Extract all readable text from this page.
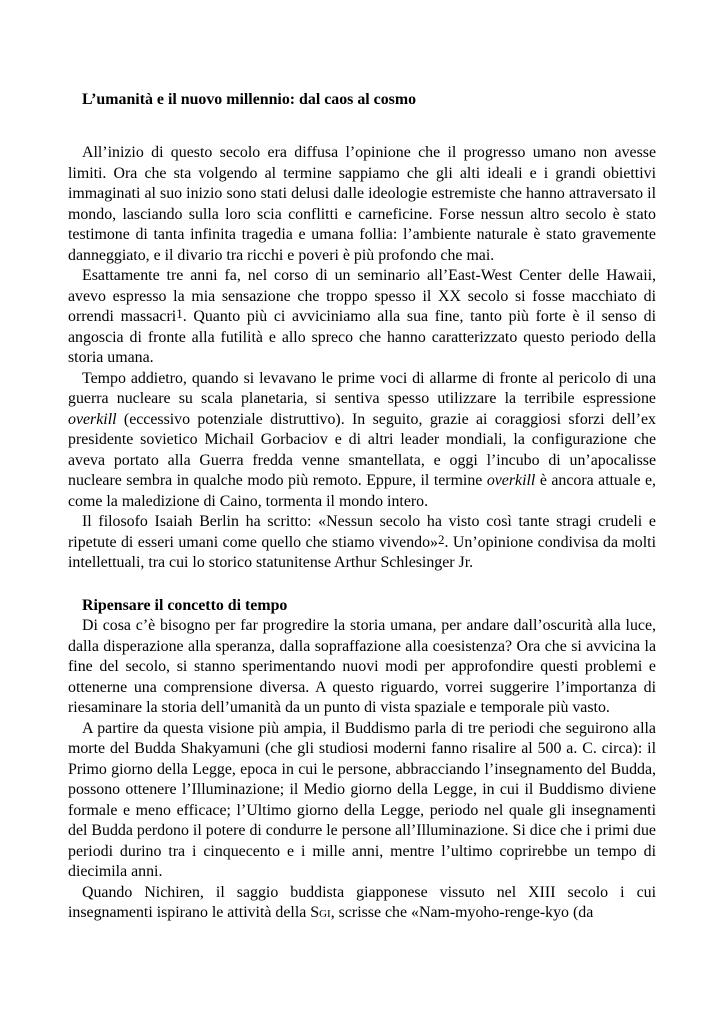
L’umanità e il nuovo millennio: dal caos al cosmo

All’inizio di questo secolo era diffusa l’opinione che il progresso umano non avesse limiti. Ora che sta volgendo al termine sappiamo che gli alti ideali e i grandi obiettivi immaginati al suo inizio sono stati delusi dalle ideologie estremiste che hanno attraversato il mondo, lasciando sulla loro scia conflitti e carneficine. Forse nessun altro secolo è stato testimone di tanta infinita tragedia e umana follia: l’ambiente naturale è stato gravemente danneggiato, e il divario tra ricchi e poveri è più profondo che mai.

Esattamente tre anni fa, nel corso di un seminario all’East-West Center delle Hawaii, avevo espresso la mia sensazione che troppo spesso il XX secolo si fosse macchiato di orrendi massacri$^1$. Quanto più ci avviciniamo alla sua fine, tanto più forte è il senso di angoscia di fronte alla futilità e allo spreco che hanno caratterizzato questo periodo della storia umana.

Tempo addietro, quando si levavano le prime voci di allarme di fronte al pericolo di una guerra nucleare su scala planetaria, si sentiva spesso utilizzare la terribile espressione overkill (eccessivo potenziale distruttivo). In seguito, grazie ai coraggiosi sforzi dell’ex presidente sovietico Michail Gorbaciov e di altri leader mondiali, la configurazione che aveva portato alla Guerra fredda venne smantellata, e oggi l’incubo di un’apocalisse nucleare sembra in qualche modo più remoto. Eppure, il termine overkill è ancora attuale e, come la maledizione di Caino, tormenta il mondo intero.

Il filosofo Isaiah Berlin ha scritto: «Nessun secolo ha visto così tante stragi crudeli e ripetute di esseri umani come quello che stiamo vivendo»$^2$. Un’opinione condivisa da molti intellettuali, tra cui lo storico statunitense Arthur Schlesinger Jr.

Ripensare il concetto di tempo

Di cosa c’è bisogno per far progredire la storia umana, per andare dall’oscurità alla luce, dalla disperazione alla speranza, dalla sopraffazione alla coesistenza? Ora che si avvicina la fine del secolo, si stanno sperimentando nuovi modi per approfondire questi problemi e ottenerne una comprensione diversa. A questo riguardo, vorrei suggerire l’importanza di riesaminare la storia dell’umanità da un punto di vista spaziale e temporale più vasto.

A partire da questa visione più ampia, il Buddismo parla di tre periodi che seguirono alla morte del Budda Shakyamuni (che gli studiosi moderni fanno risalire al 500 a. C. circa): il Primo giorno della Legge, epoca in cui le persone, abbracciando l’insegnamento del Budda, possono ottenere l’Illuminazione; il Medio giorno della Legge, in cui il Buddismo diviene formale e meno efficace; l’Ultimo giorno della Legge, periodo nel quale gli insegnamenti del Budda perdono il potere di condurre le persone all’Illuminazione. Si dice che i primi due periodi durino tra i cinquecento e i mille anni, mentre l’ultimo coprirebbe un tempo di diecimila anni.

Quando Nichiren, il saggio buddista giapponese vissuto nel XIII secolo i cui insegnamenti ispirano le attività della Sgi, scrisse che «Nam-myoho-renge-kyo (da
